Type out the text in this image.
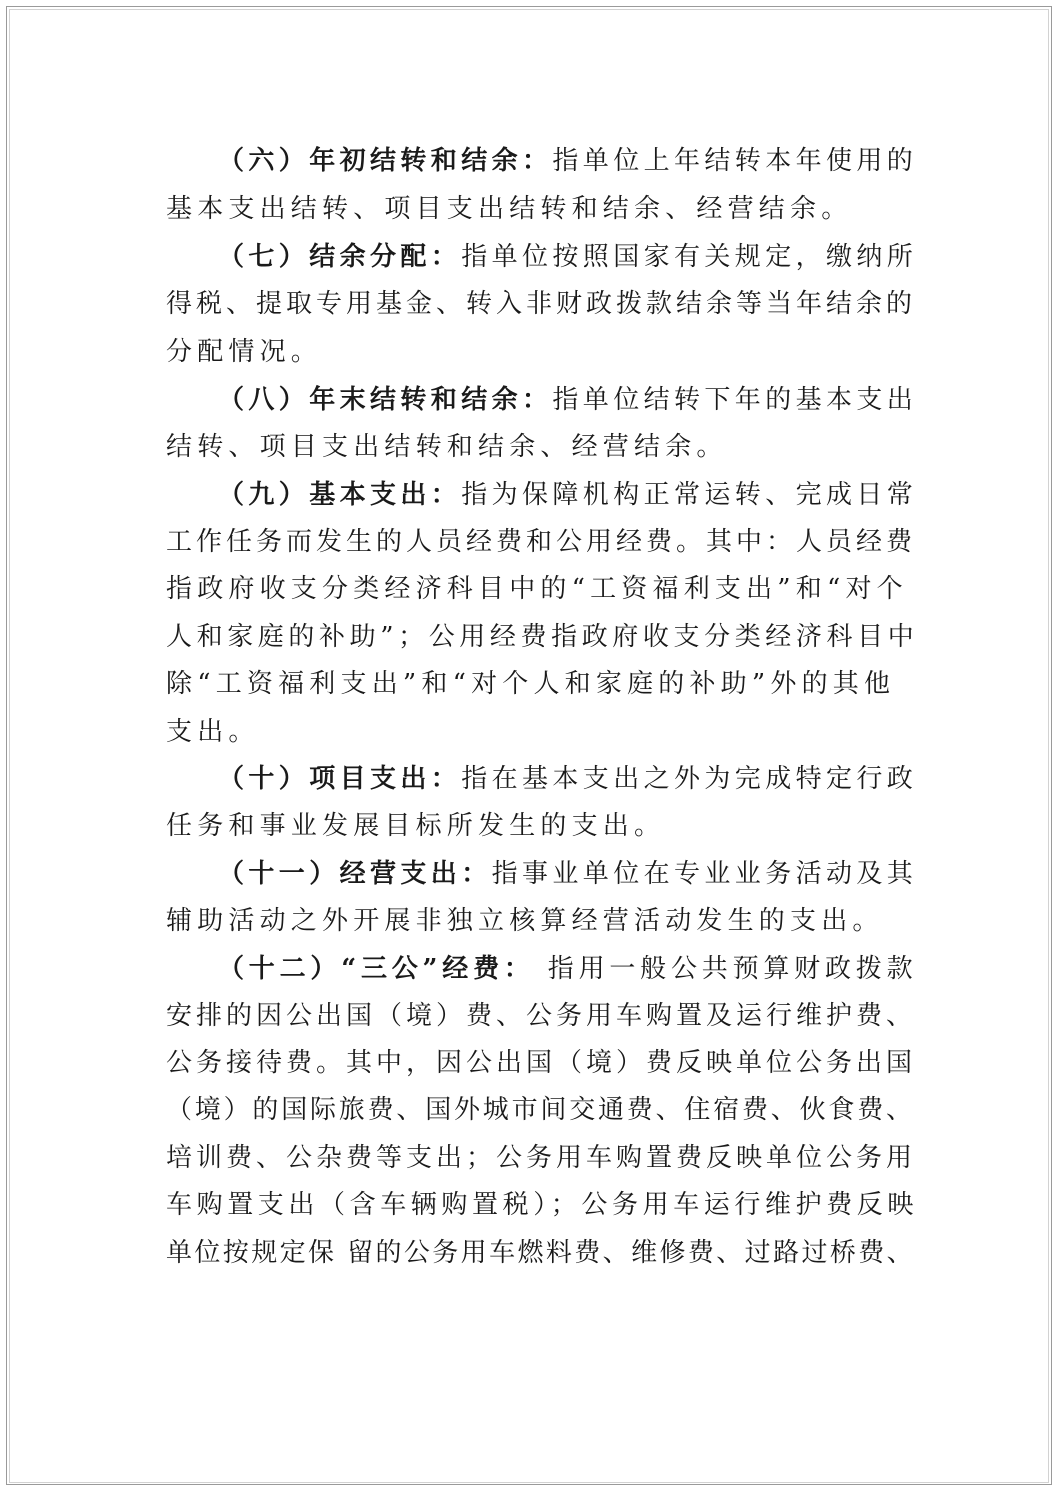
（六）年初结转和结余：指单位上年结转本年使用的
基本支出结转、项目支出结转和结余、经营结余。
（七）结余分配：指单位按照国家有关规定，缴纳所
得税、提取专用基金、转入非财政拨款结余等当年结余的
分配情况。
（八）年末结转和结余：指单位结转下年的基本支出
结转、项目支出结转和结余、经营结余。
（九）基本支出：指为保障机构正常运转、完成日常
工作任务而发生的人员经费和公用经费。其中：人员经费
指政府收支分类经济科目中的“工资福利支出”和“对个
人和家庭的补助”；公用经费指政府收支分类经济科目中
除“工资福利支出”和“对个人和家庭的补助”外的其他
支出。
（十）项目支出：指在基本支出之外为完成特定行政
任务和事业发展目标所发生的支出。
（十一）经营支出：指事业单位在专业业务活动及其
辅助活动之外开展非独立核算经营活动发生的支出。
（十二）“三公”经费： 指用一般公共预算财政拨款
安排的因公出国（境）费、公务用车购置及运行维护费、
公务接待费。其中，因公出国（境）费反映单位公务出国
（境）的国际旅费、国外城市间交通费、住宿费、伙食费、
培训费、公杂费等支出；公务用车购置费反映单位公务用
车购置支出（含车辆购置税）；公务用车运行维护费反映
单位按规定保 留的公务用车燃料费、维修费、过路过桥费、
